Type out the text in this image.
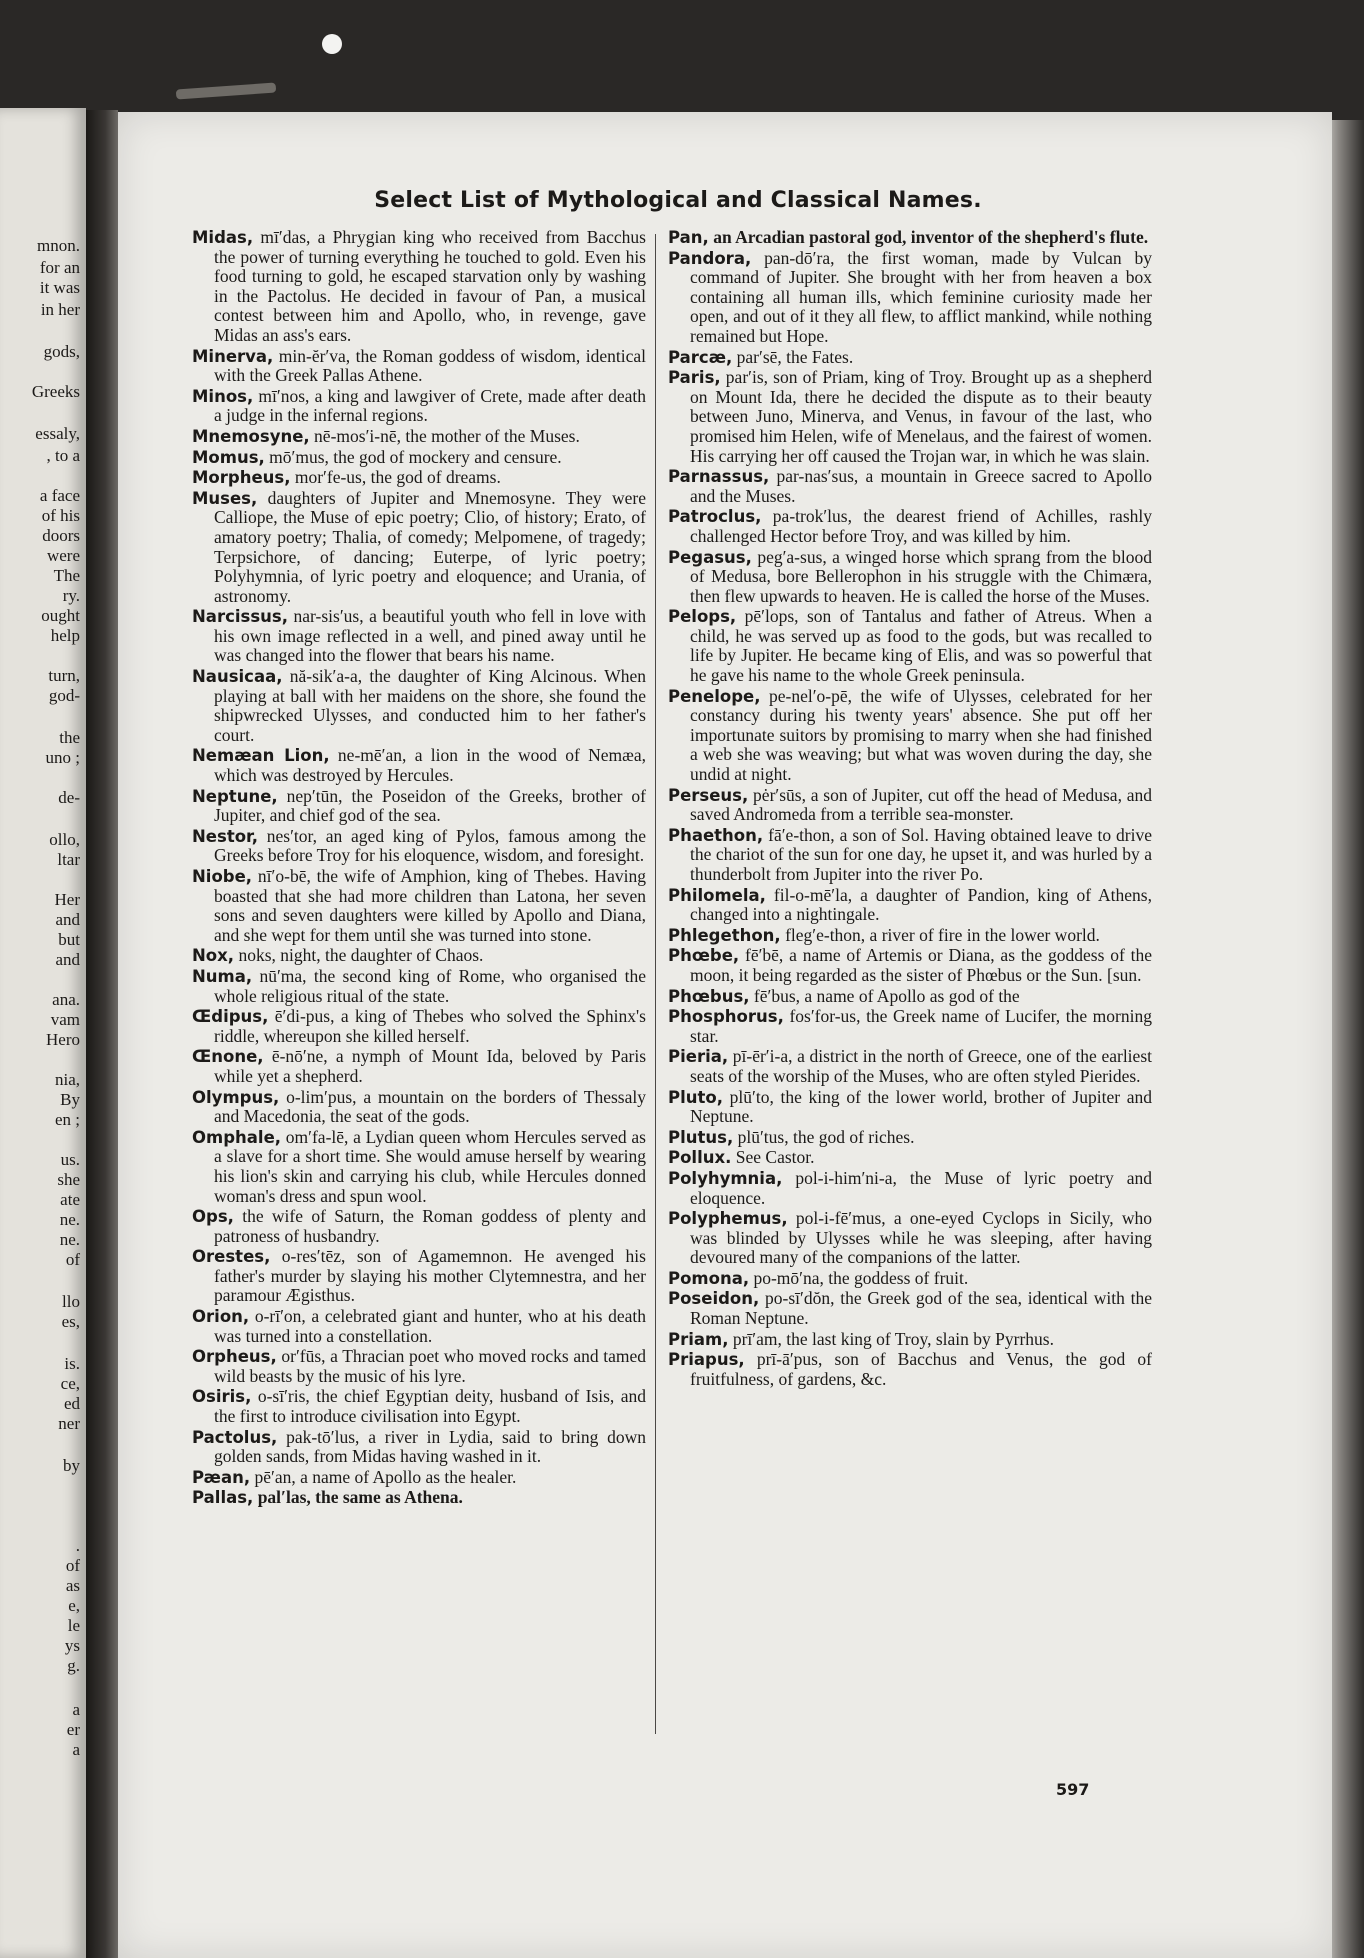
mnon.
for an
it was
in her
gods,
Greeks
essaly,
, to a
a face
of his
doors
were
The
ry.
ought
help
turn,
god-
the
uno ;
de-
ollo,
ltar
Her
and
but
and
ana.
vam
Hero
nia,
By
en ;
us.
she
ate
ne.
ne.
of
llo
es,
is.
ce,
ed
ner
by
.
of
as
e,
le
ys
g.
a
er
a
Select List of Mythological and Classical Names.
Midas, mī′das, a Phrygian king who received from Bacchus the power of turning everything he touched to gold. Even his food turning to gold, he escaped starvation only by washing in the Pactolus. He decided in favour of Pan, a musical contest between him and Apollo, who, in revenge, gave Midas an ass's ears.
Minerva, min-ĕr′va, the Roman goddess of wisdom, identical with the Greek Pallas Athene.
Minos, mī′nos, a king and lawgiver of Crete, made after death a judge in the infernal regions.
Mnemosyne, nē-mos′i-nē, the mother of the Muses.
Momus, mō′mus, the god of mockery and censure.
Morpheus, mor′fe-us, the god of dreams.
Muses, daughters of Jupiter and Mnemosyne. They were Calliope, the Muse of epic poetry; Clio, of history; Erato, of amatory poetry; Thalia, of comedy; Melpomene, of tragedy; Terpsichore, of dancing; Euterpe, of lyric poetry; Polyhymnia, of lyric poetry and eloquence; and Urania, of astronomy.
Narcissus, nar-sis′us, a beautiful youth who fell in love with his own image reflected in a well, and pined away until he was changed into the flower that bears his name.
Nausicaa, nă-sik′a-a, the daughter of King Alcinous. When playing at ball with her maidens on the shore, she found the shipwrecked Ulysses, and conducted him to her father's court.
Nemæan Lion, ne-mē′an, a lion in the wood of Nemæa, which was destroyed by Hercules.
Neptune, nep′tūn, the Poseidon of the Greeks, brother of Jupiter, and chief god of the sea.
Nestor, nes′tor, an aged king of Pylos, famous among the Greeks before Troy for his eloquence, wisdom, and foresight.
Niobe, nī′o-bē, the wife of Amphion, king of Thebes. Having boasted that she had more children than Latona, her seven sons and seven daughters were killed by Apollo and Diana, and she wept for them until she was turned into stone.
Nox, noks, night, the daughter of Chaos.
Numa, nū′ma, the second king of Rome, who organised the whole religious ritual of the state.
Œdipus, ē′di-pus, a king of Thebes who solved the Sphinx's riddle, whereupon she killed herself.
Œnone, ē-nō′ne, a nymph of Mount Ida, beloved by Paris while yet a shepherd.
Olympus, o-lim′pus, a mountain on the borders of Thessaly and Macedonia, the seat of the gods.
Omphale, om′fa-lē, a Lydian queen whom Hercules served as a slave for a short time. She would amuse herself by wearing his lion's skin and carrying his club, while Hercules donned woman's dress and spun wool.
Ops, the wife of Saturn, the Roman goddess of plenty and patroness of husbandry.
Orestes, o-res′tēz, son of Agamemnon. He avenged his father's murder by slaying his mother Clytemnestra, and her paramour Ægisthus.
Orion, o-rī′on, a celebrated giant and hunter, who at his death was turned into a constellation.
Orpheus, or′fūs, a Thracian poet who moved rocks and tamed wild beasts by the music of his lyre.
Osiris, o-sī′ris, the chief Egyptian deity, husband of Isis, and the first to introduce civilisation into Egypt.
Pactolus, pak-tō′lus, a river in Lydia, said to bring down golden sands, from Midas having washed in it.
Pæan, pē′an, a name of Apollo as the healer.
Pallas, pal′las, the same as Athena.
Pan, an Arcadian pastoral god, inventor of the shepherd's flute.
Pandora, pan-dō′ra, the first woman, made by Vulcan by command of Jupiter. She brought with her from heaven a box containing all human ills, which feminine curiosity made her open, and out of it they all flew, to afflict mankind, while nothing remained but Hope.
Parcæ, par′sē, the Fates.
Paris, par′is, son of Priam, king of Troy. Brought up as a shepherd on Mount Ida, there he decided the dispute as to their beauty between Juno, Minerva, and Venus, in favour of the last, who promised him Helen, wife of Menelaus, and the fairest of women. His carrying her off caused the Trojan war, in which he was slain.
Parnassus, par-nas′sus, a mountain in Greece sacred to Apollo and the Muses.
Patroclus, pa-trok′lus, the dearest friend of Achilles, rashly challenged Hector before Troy, and was killed by him.
Pegasus, peg′a-sus, a winged horse which sprang from the blood of Medusa, bore Bellerophon in his struggle with the Chimæra, then flew upwards to heaven. He is called the horse of the Muses.
Pelops, pē′lops, son of Tantalus and father of Atreus. When a child, he was served up as food to the gods, but was recalled to life by Jupiter. He became king of Elis, and was so powerful that he gave his name to the whole Greek peninsula.
Penelope, pe-nel′o-pē, the wife of Ulysses, celebrated for her constancy during his twenty years' absence. She put off her importunate suitors by promising to marry when she had finished a web she was weaving; but what was woven during the day, she undid at night.
Perseus, pėr′sūs, a son of Jupiter, cut off the head of Medusa, and saved Andromeda from a terrible sea-monster.
Phaethon, fā′e-thon, a son of Sol. Having obtained leave to drive the chariot of the sun for one day, he upset it, and was hurled by a thunderbolt from Jupiter into the river Po.
Philomela, fil-o-mē′la, a daughter of Pandion, king of Athens, changed into a nightingale.
Phlegethon, fleg′e-thon, a river of fire in the lower world.
Phœbe, fē′bē, a name of Artemis or Diana, as the goddess of the moon, it being regarded as the sister of Phœbus or the Sun. [sun.
Phœbus, fē′bus, a name of Apollo as god of the
Phosphorus, fos′for-us, the Greek name of Lucifer, the morning star.
Pieria, pī-ēr′i-a, a district in the north of Greece, one of the earliest seats of the worship of the Muses, who are often styled Pierides.
Pluto, plū′to, the king of the lower world, brother of Jupiter and Neptune.
Plutus, plū′tus, the god of riches.
Pollux. See Castor.
Polyhymnia, pol-i-him′ni-a, the Muse of lyric poetry and eloquence.
Polyphemus, pol-i-fē′mus, a one-eyed Cyclops in Sicily, who was blinded by Ulysses while he was sleeping, after having devoured many of the companions of the latter.
Pomona, po-mō′na, the goddess of fruit.
Poseidon, po-sī′dŏn, the Greek god of the sea, identical with the Roman Neptune.
Priam, prī′am, the last king of Troy, slain by Pyrrhus.
Priapus, prī-ā′pus, son of Bacchus and Venus, the god of fruitfulness, of gardens, &c.
597
